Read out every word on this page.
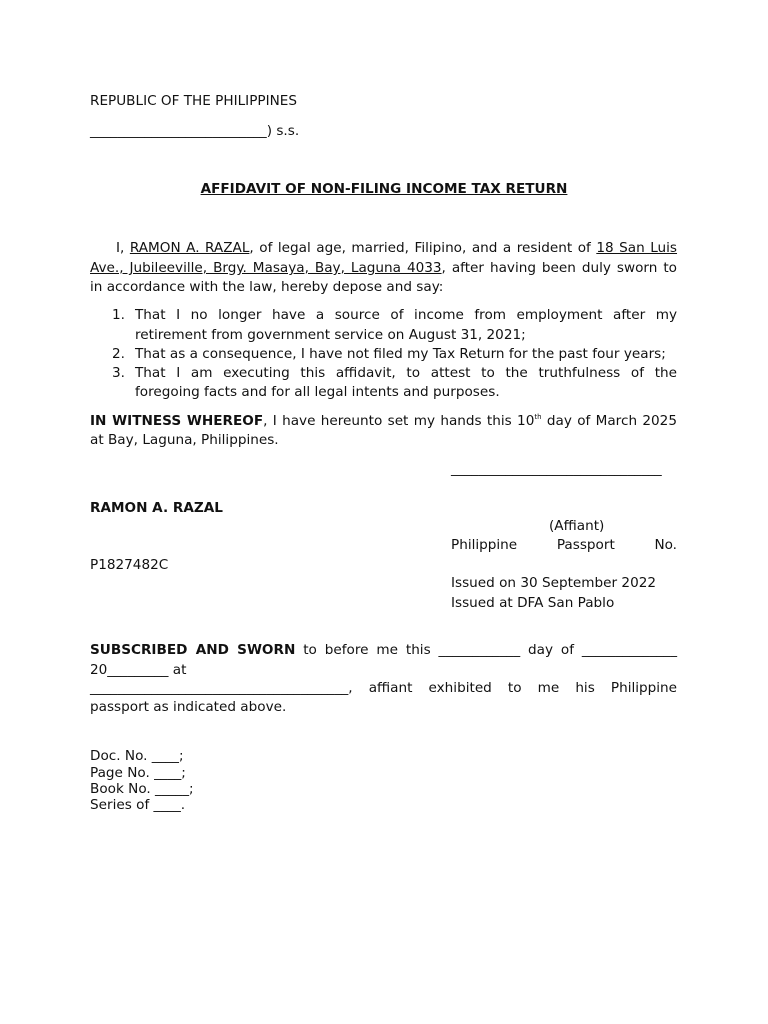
REPUBLIC OF THE PHILIPPINES
__________________________) s.s.
AFFIDAVIT OF NON-FILING INCOME TAX RETURN
I, RAMON A. RAZAL, of legal age, married, Filipino, and a resident of 18 San Luis
Ave., Jubileeville, Brgy. Masaya, Bay, Laguna 4033, after having been duly sworn to
in accordance with the law, hereby depose and say:
1. That I no longer have a source of income from employment after my
retirement from government service on August 31, 2021;
2. That as a consequence, I have not filed my Tax Return for the past four years;
3. That I am executing this affidavit, to attest to the truthfulness of the
foregoing facts and for all legal intents and purposes.
IN WITNESS WHEREOF, I have hereunto set my hands this 10th day of March 2025
at Bay, Laguna, Philippines.
_______________________________
RAMON A. RAZAL
(Affiant)
Philippine	Passport	No.
P1827482C
Issued on 30 September 2022
Issued at DFA San Pablo
SUBSCRIBED AND SWORN to before me this ____________ day of ______________
20_________ at
______________________________________, affiant exhibited to me his Philippine
passport as indicated above.
Doc. No. ____;
Page No. ____;
Book No. _____;
Series of ____.
